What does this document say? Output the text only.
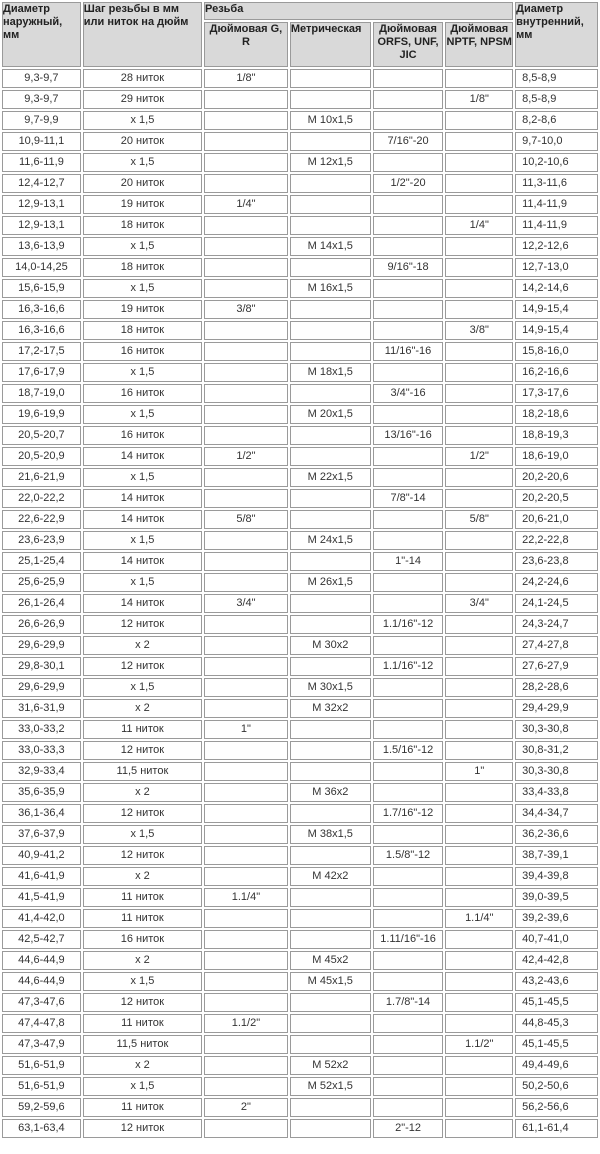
Диаметр наружный, мм	Шаг резьбы в мм или ниток на дюйм	Резьба				Диаметр внутренний, мм
		Дюймовая G, R	Метрическая	Дюймовая ORFS, UNF, JIC	Дюймовая NPTF, NPSM	
9,3-9,7	28 ниток	1/8"				8,5-8,9
9,3-9,7	29 ниток				1/8"	8,5-8,9
9,7-9,9	х 1,5		М 10х1,5			8,2-8,6
10,9-11,1	20 ниток			7/16"-20		9,7-10,0
11,6-11,9	х 1,5		М 12х1,5			10,2-10,6
12,4-12,7	20 ниток			1/2"-20		11,3-11,6
12,9-13,1	19 ниток	1/4"				11,4-11,9
12,9-13,1	18 ниток				1/4"	11,4-11,9
13,6-13,9	х 1,5		М 14х1,5			12,2-12,6
14,0-14,25	18 ниток			9/16"-18		12,7-13,0
15,6-15,9	х 1,5		М 16х1,5			14,2-14,6
16,3-16,6	19 ниток	3/8"				14,9-15,4
16,3-16,6	18 ниток				3/8"	14,9-15,4
17,2-17,5	16 ниток			11/16"-16		15,8-16,0
17,6-17,9	х 1,5		М 18х1,5			16,2-16,6
18,7-19,0	16 ниток			3/4"-16		17,3-17,6
19,6-19,9	х 1,5		М 20х1,5			18,2-18,6
20,5-20,7	16 ниток			13/16"-16		18,8-19,3
20,5-20,9	14 ниток	1/2"			1/2"	18,6-19,0
21,6-21,9	х 1,5		М 22х1,5			20,2-20,6
22,0-22,2	14 ниток			7/8"-14		20,2-20,5
22,6-22,9	14 ниток	5/8"			5/8"	20,6-21,0
23,6-23,9	х 1,5		М 24х1,5			22,2-22,8
25,1-25,4	14 ниток			1"-14		23,6-23,8
25,6-25,9	х 1,5		М 26х1,5			24,2-24,6
26,1-26,4	14 ниток	3/4"			3/4"	24,1-24,5
26,6-26,9	12 ниток			1.1/16"-12		24,3-24,7
29,6-29,9	х 2		М 30х2			27,4-27,8
29,8-30,1	12 ниток			1.1/16"-12		27,6-27,9
29,6-29,9	х 1,5		М 30х1,5			28,2-28,6
31,6-31,9	х 2		М 32х2			29,4-29,9
33,0-33,2	11 ниток	1"				30,3-30,8
33,0-33,3	12 ниток			1.5/16"-12		30,8-31,2
32,9-33,4	11,5 ниток				1"	30,3-30,8
35,6-35,9	х 2		М 36х2			33,4-33,8
36,1-36,4	12 ниток			1.7/16"-12		34,4-34,7
37,6-37,9	х 1,5		М 38х1,5			36,2-36,6
40,9-41,2	12 ниток			1.5/8"-12		38,7-39,1
41,6-41,9	х 2		М 42х2			39,4-39,8
41,5-41,9	11 ниток	1.1/4"				39,0-39,5
41,4-42,0	11 ниток				1.1/4"	39,2-39,6
42,5-42,7	16 ниток			1.11/16"-16		40,7-41,0
44,6-44,9	х 2		М 45х2			42,4-42,8
44,6-44,9	х 1,5		М 45х1,5			43,2-43,6
47,3-47,6	12 ниток			1.7/8"-14		45,1-45,5
47,4-47,8	11 ниток	1.1/2"				44,8-45,3
47,3-47,9	11,5 ниток				1.1/2"	45,1-45,5
51,6-51,9	х 2		М 52х2			49,4-49,6
51,6-51,9	х 1,5		М 52х1,5			50,2-50,6
59,2-59,6	11 ниток	2"				56,2-56,6
63,1-63,4	12 ниток			2"-12		61,1-61,4
